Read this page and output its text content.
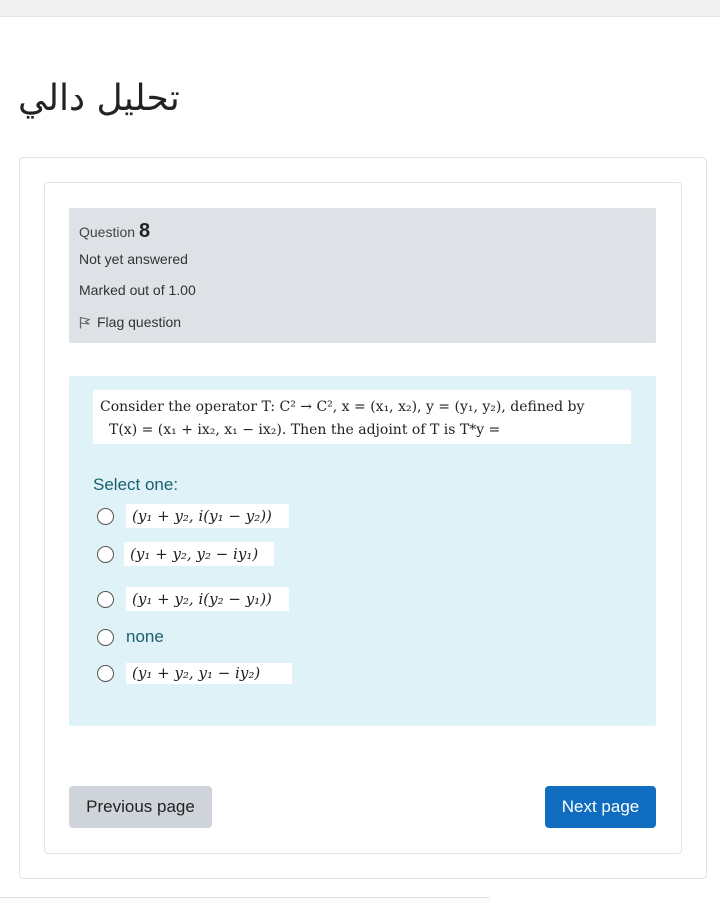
تحليل دالي
Question 8
Not yet answered
Marked out of 1.00
Flag question
Consider the operator T: C² → C², x = (x₁, x₂), y = (y₁, y₂), defined by
T(x) = (x₁ + ix₂, x₁ − ix₂). Then the adjoint of T is T*y =
Select one:
(y₁ + y₂, i(y₁ − y₂))
(y₁ + y₂, y₂ − iy₁)
(y₁ + y₂, i(y₂ − y₁))
none
(y₁ + y₂, y₁ − iy₂)
Previous page	Next page
